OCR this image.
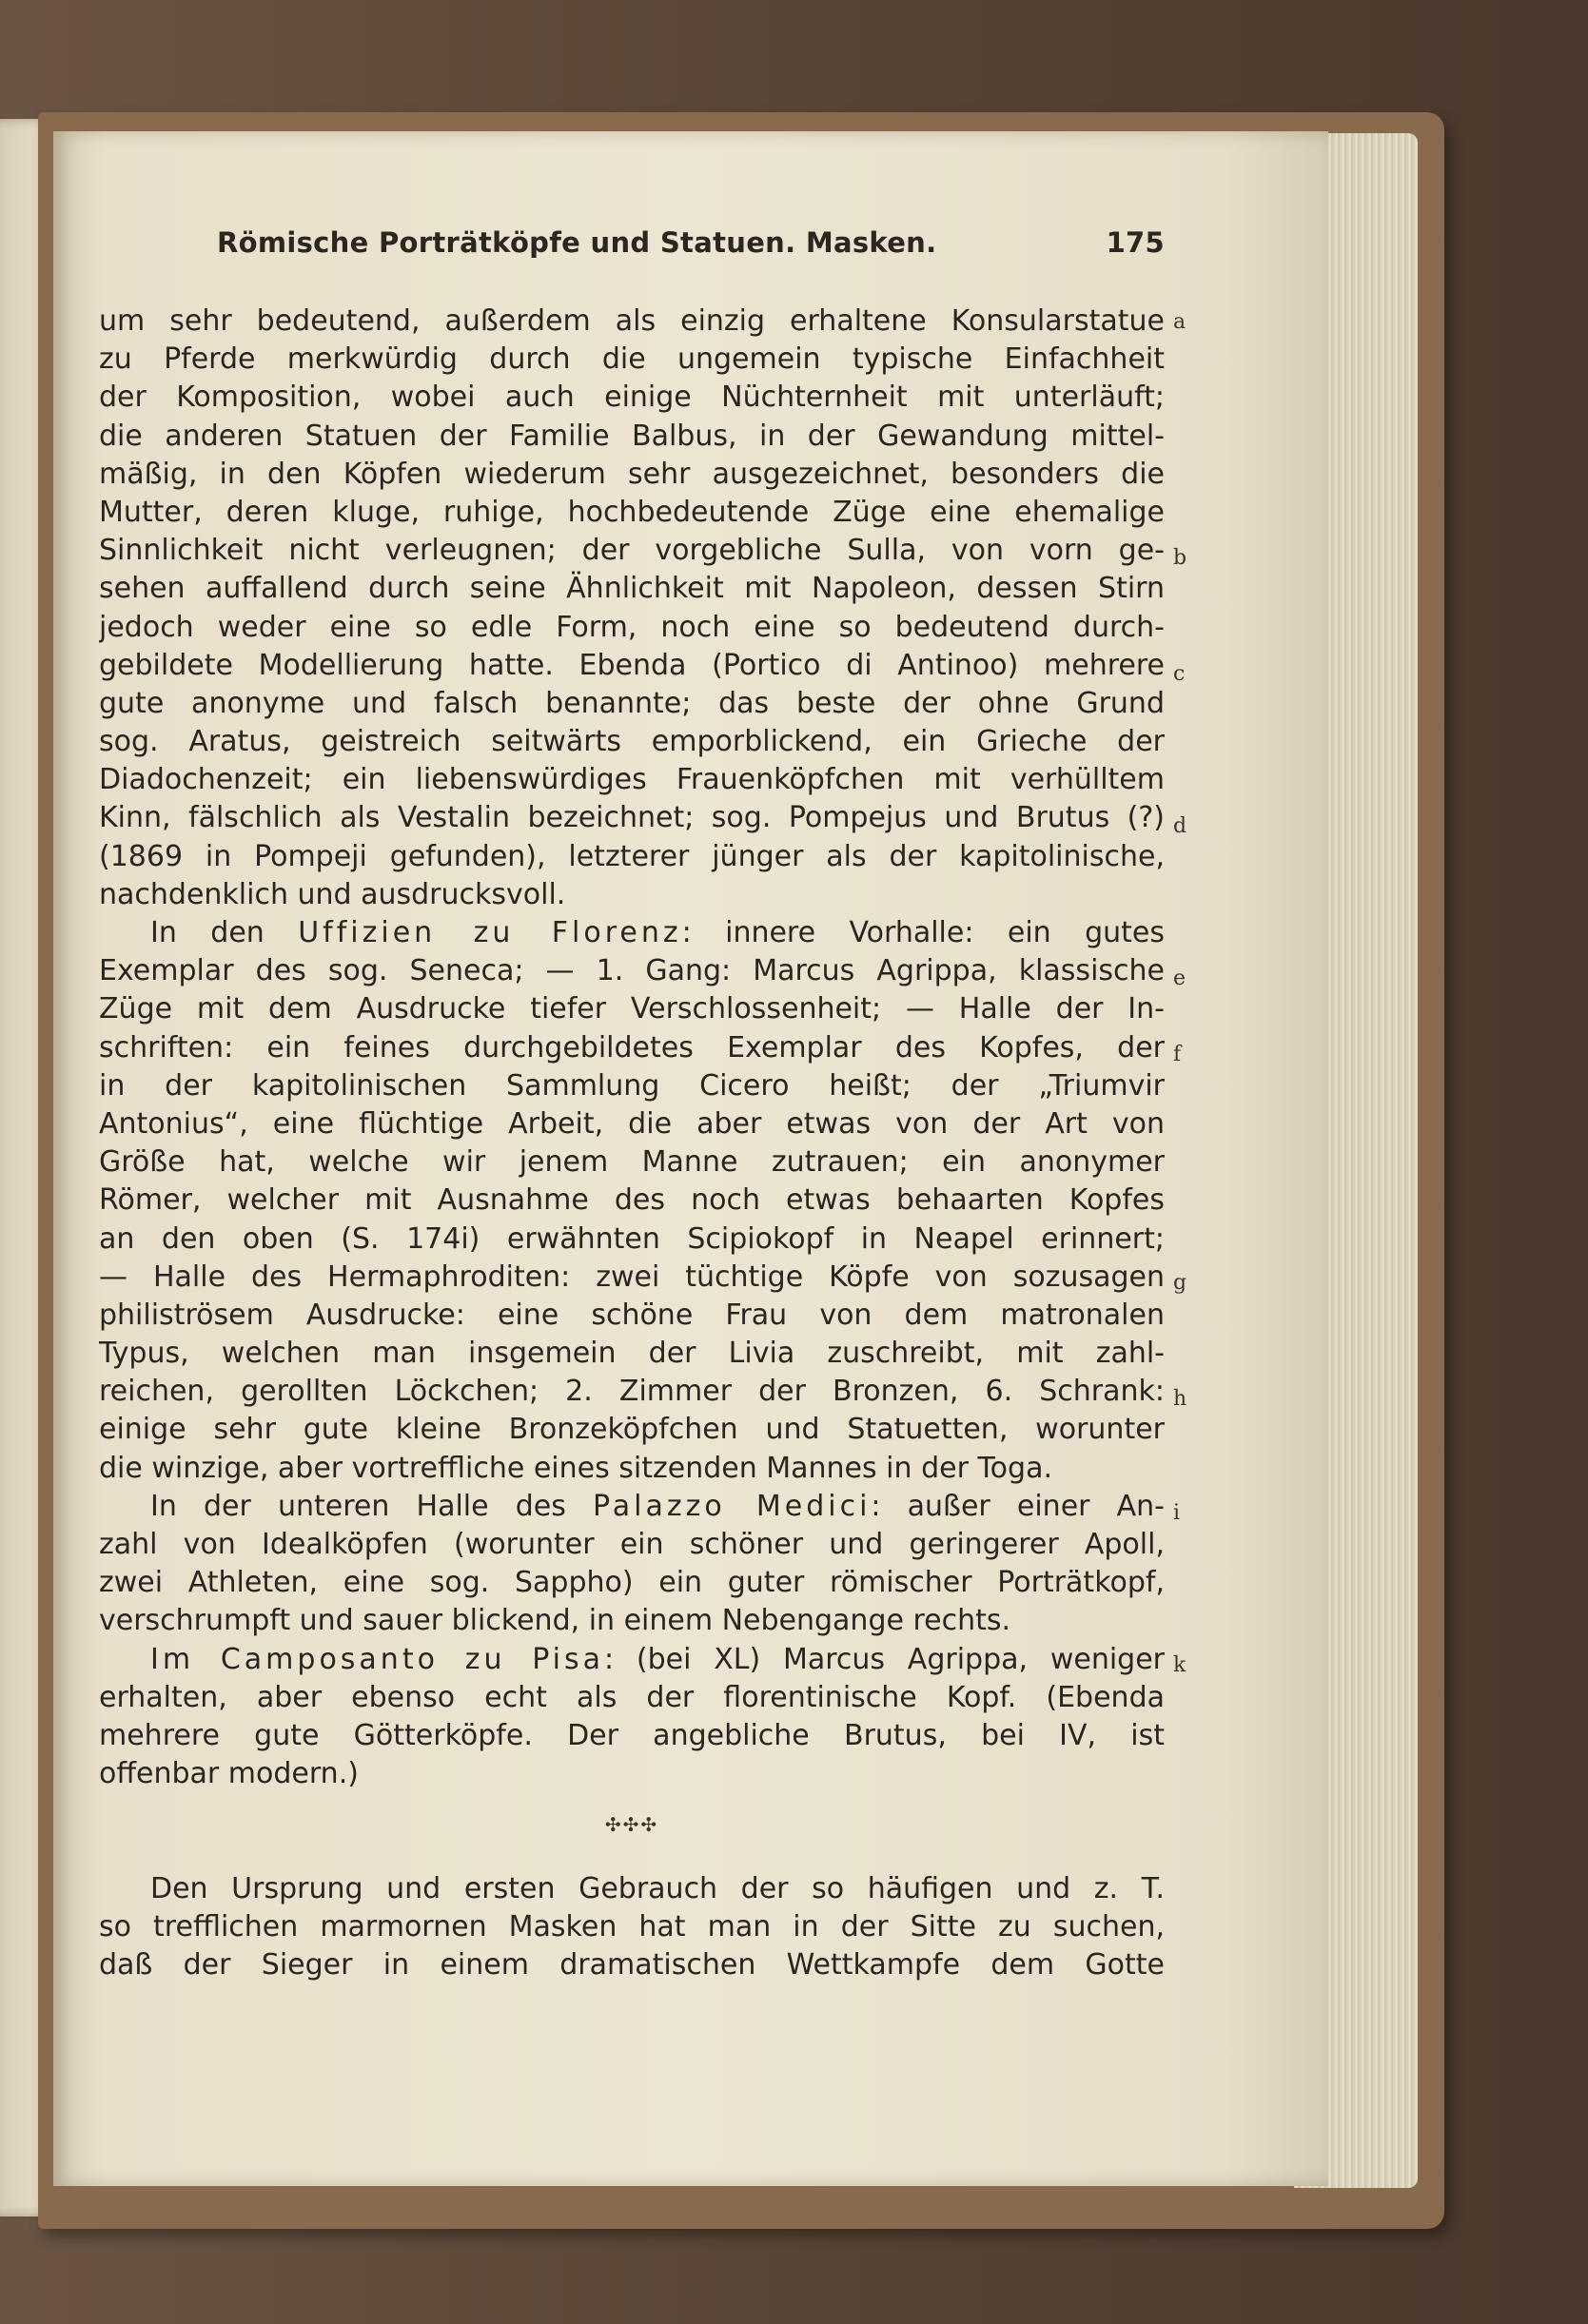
Römische Porträtköpfe und Statuen. Masken.	175
um sehr bedeutend, außerdem als einzig erhaltene Konsularstatue
zu Pferde merkwürdig durch die ungemein typische Einfachheit
der Komposition, wobei auch einige Nüchternheit mit unterläuft;
die anderen Statuen der Familie Balbus, in der Gewandung mittel-
mäßig, in den Köpfen wiederum sehr ausgezeichnet, besonders die
Mutter, deren kluge, ruhige, hochbedeutende Züge eine ehemalige
Sinnlichkeit nicht verleugnen; der vorgebliche Sulla, von vorn ge-
sehen auffallend durch seine Ähnlichkeit mit Napoleon, dessen Stirn
jedoch weder eine so edle Form, noch eine so bedeutend durch-
gebildete Modellierung hatte. Ebenda (Portico di Antinoo) mehrere
gute anonyme und falsch benannte; das beste der ohne Grund
sog. Aratus, geistreich seitwärts emporblickend, ein Grieche der
Diadochenzeit; ein liebenswürdiges Frauenköpfchen mit verhülltem
Kinn, fälschlich als Vestalin bezeichnet; sog. Pompejus und Brutus (?)
(1869 in Pompeji gefunden), letzterer jünger als der kapitolinische,
nachdenklich und ausdrucksvoll.
In den Uffizien zu Florenz: innere Vorhalle: ein gutes
Exemplar des sog. Seneca; — 1. Gang: Marcus Agrippa, klassische
Züge mit dem Ausdrucke tiefer Verschlossenheit; — Halle der In-
schriften: ein feines durchgebildetes Exemplar des Kopfes, der
in der kapitolinischen Sammlung Cicero heißt; der „Triumvir
Antonius“, eine flüchtige Arbeit, die aber etwas von der Art von
Größe hat, welche wir jenem Manne zutrauen; ein anonymer
Römer, welcher mit Ausnahme des noch etwas behaarten Kopfes
an den oben (S. 174i) erwähnten Scipiokopf in Neapel erinnert;
— Halle des Hermaphroditen: zwei tüchtige Köpfe von sozusagen
philiströsem Ausdrucke: eine schöne Frau von dem matronalen
Typus, welchen man insgemein der Livia zuschreibt, mit zahl-
reichen, gerollten Löckchen; 2. Zimmer der Bronzen, 6. Schrank:
einige sehr gute kleine Bronzeköpfchen und Statuetten, worunter
die winzige, aber vortreffliche eines sitzenden Mannes in der Toga.
In der unteren Halle des Palazzo Medici: außer einer An-
zahl von Idealköpfen (worunter ein schöner und geringerer Apoll,
zwei Athleten, eine sog. Sappho) ein guter römischer Porträtkopf,
verschrumpft und sauer blickend, in einem Nebengange rechts.
Im Camposanto zu Pisa: (bei XL) Marcus Agrippa, weniger
erhalten, aber ebenso echt als der florentinische Kopf. (Ebenda
mehrere gute Götterköpfe. Der angebliche Brutus, bei IV, ist
offenbar modern.)
✣✣✣
Den Ursprung und ersten Gebrauch der so häufigen und z. T.
so trefflichen marmornen Masken hat man in der Sitte zu suchen,
daß der Sieger in einem dramatischen Wettkampfe dem Gotte
a
b
c
d
e
f
g
h
i
k
